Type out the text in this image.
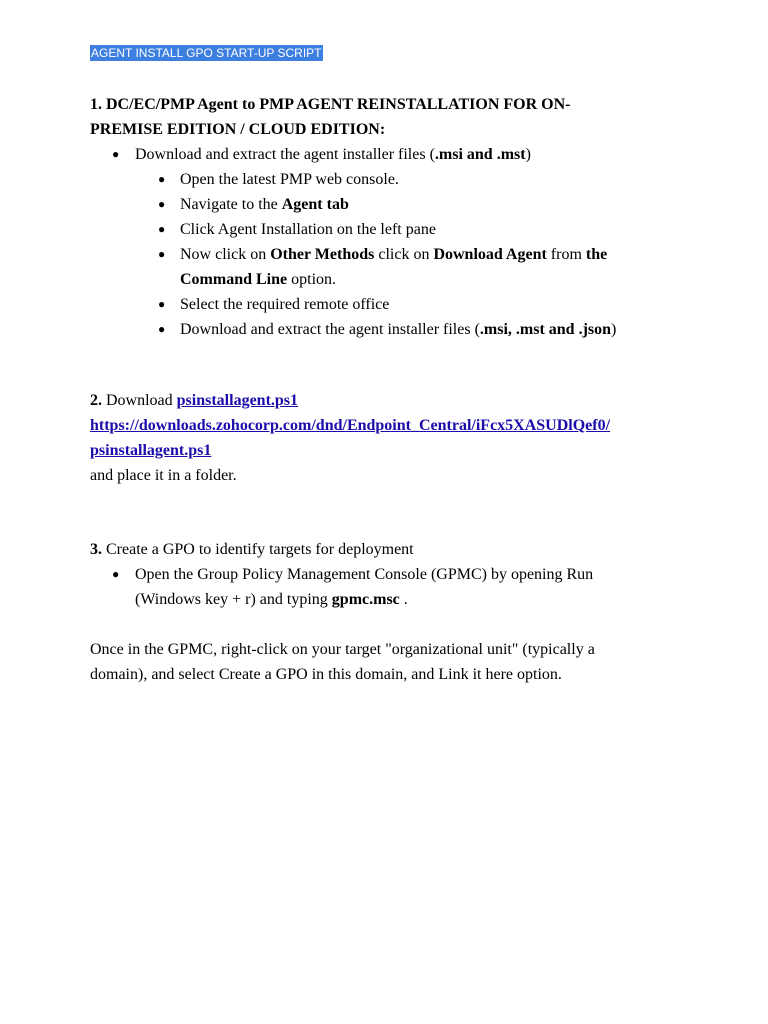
AGENT INSTALL GPO START-UP SCRIPT
1. DC/EC/PMP Agent to PMP AGENT REINSTALLATION FOR ON-
PREMISE EDITION / CLOUD EDITION:
● Download and extract the agent installer files (.msi and .mst)
● Open the latest PMP web console.
● Navigate to the Agent tab
● Click Agent Installation on the left pane
● Now click on Other Methods click on Download Agent from the
Command Line option.
● Select the required remote office
● Download and extract the agent installer files (.msi, .mst and .json)
2. Download psinstallagent.ps1
https://downloads.zohocorp.com/dnd/Endpoint_Central/iFcx5XASUDlQef0/
psinstallagent.ps1
and place it in a folder.
3. Create a GPO to identify targets for deployment
● Open the Group Policy Management Console (GPMC) by opening Run
(Windows key + r) and typing gpmc.msc .
Once in the GPMC, right-click on your target "organizational unit" (typically a
domain), and select Create a GPO in this domain, and Link it here option.
